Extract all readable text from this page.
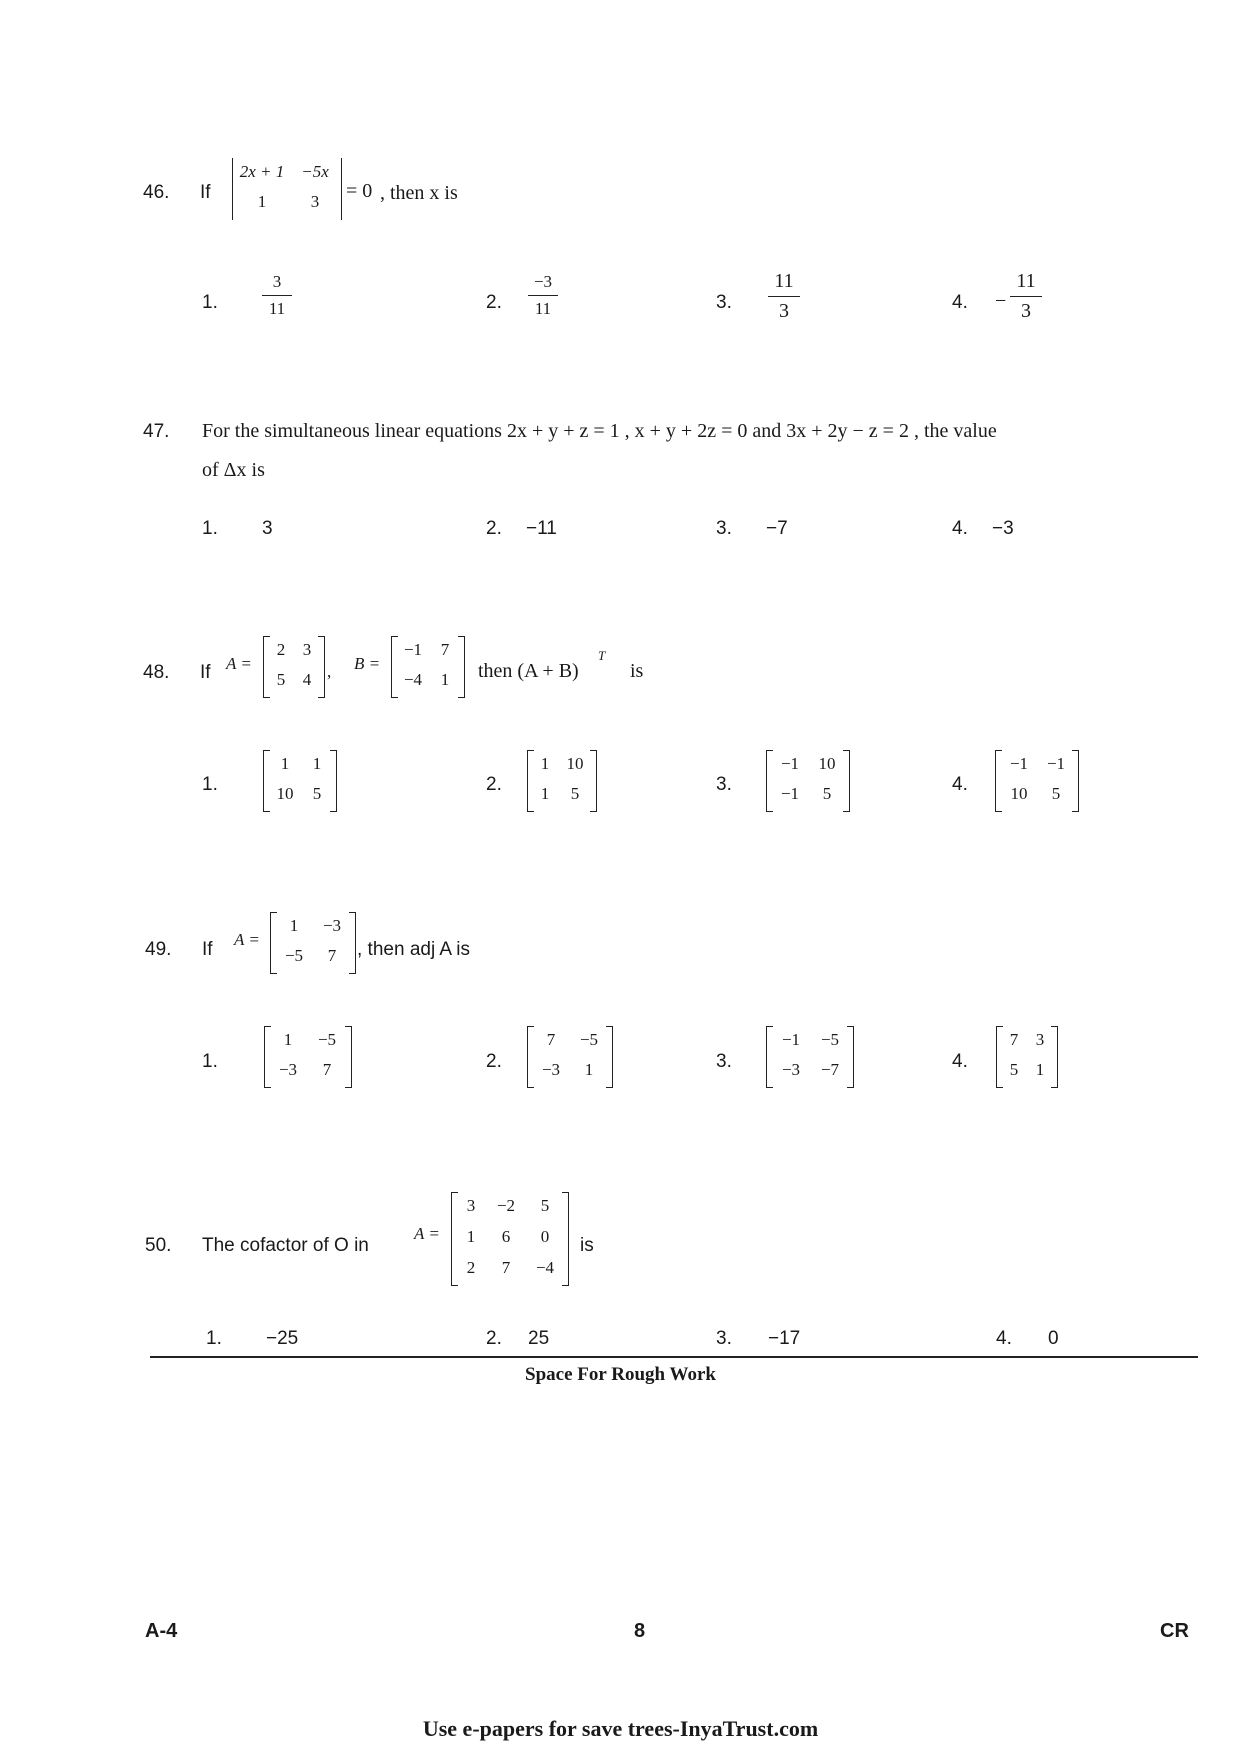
46. If
2x + 1 −5x
1	3	= 0 , then x is
1.
3
11	2.
−3
11	3.
11
3	4. −
11
3
47. For the simultaneous linear equations 2x + y + z = 1 , x + y + 2z = 0 and 3x + 2y − z = 2 , the value
of Δx is
1. 3	2. −11	3. −7	4. −3
48. If A =
2	3
5	4 , B =
−1	7
−4	1	then (A + B)
T
is
1.
1	1
10	5	2.
1	10
1	5	3.
−1	10
−1	5	4.
−1	−1
10	5
49. If A =
1	−3
−5	7	, then adj A is
1.
1	−5
−3	7	2.
7	−5
−3	1	3.
−1	−5
−3	−7	4.
7	3
5	1
50. The cofactor of O in
A =
3	−2	5
1	6	0
2	7	−4
is
1. −25	2. 25	3. −17	4. 0
Space For Rough Work
A-4	8	CR
Use e-papers for save trees-InyaTrust.com
